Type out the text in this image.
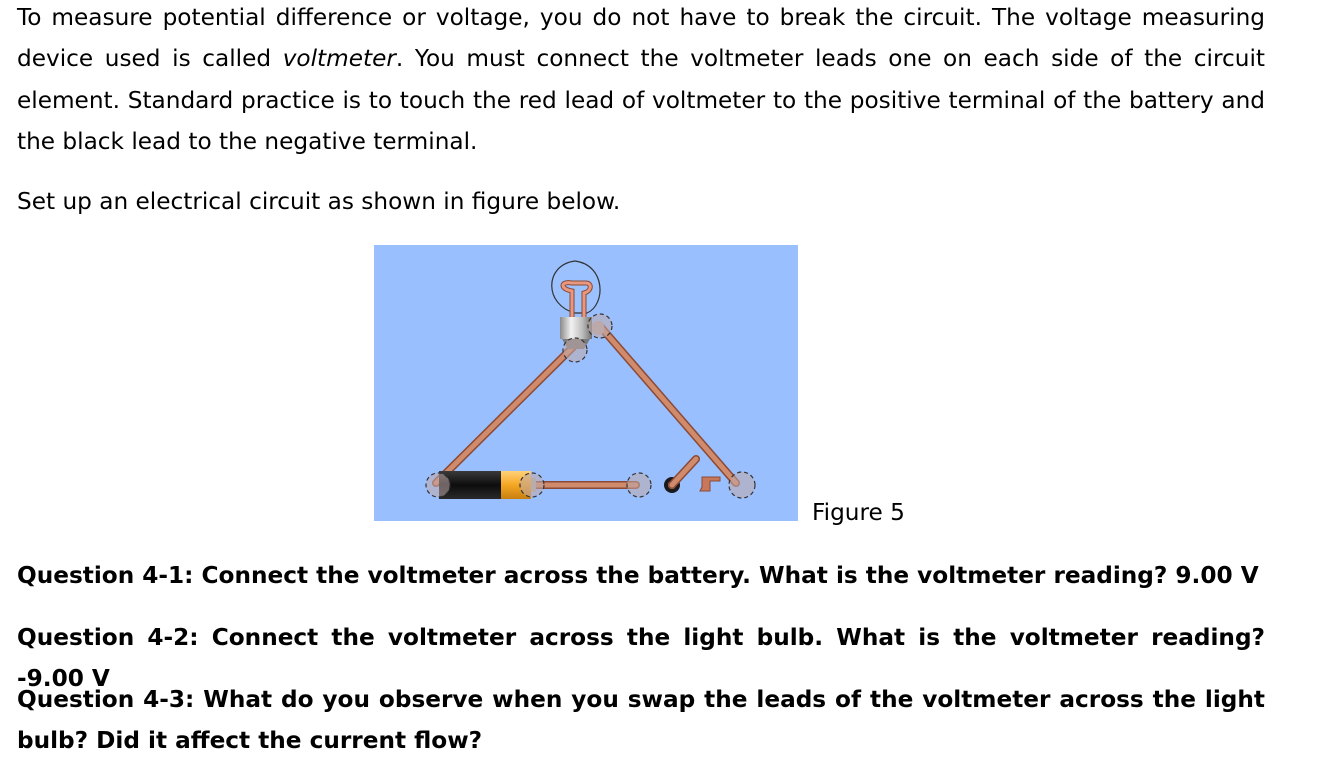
To measure potential difference or voltage, you do not have to break the circuit. The voltage measuring device used is called voltmeter. You must connect the voltmeter leads one on each side of the circuit element. Standard practice is to touch the red lead of voltmeter to the positive terminal of the battery and the black lead to the negative terminal.

Set up an electrical circuit as shown in figure below.

Question 4-1: Connect the voltmeter across the battery. What is the voltmeter reading? 9.00 V

Question 4-2: Connect the voltmeter across the light bulb. What is the voltmeter reading? -9.00 V

Question 4-3: What do you observe when you swap the leads of the voltmeter across the light bulb? Did it affect the current flow?

Figure 5
